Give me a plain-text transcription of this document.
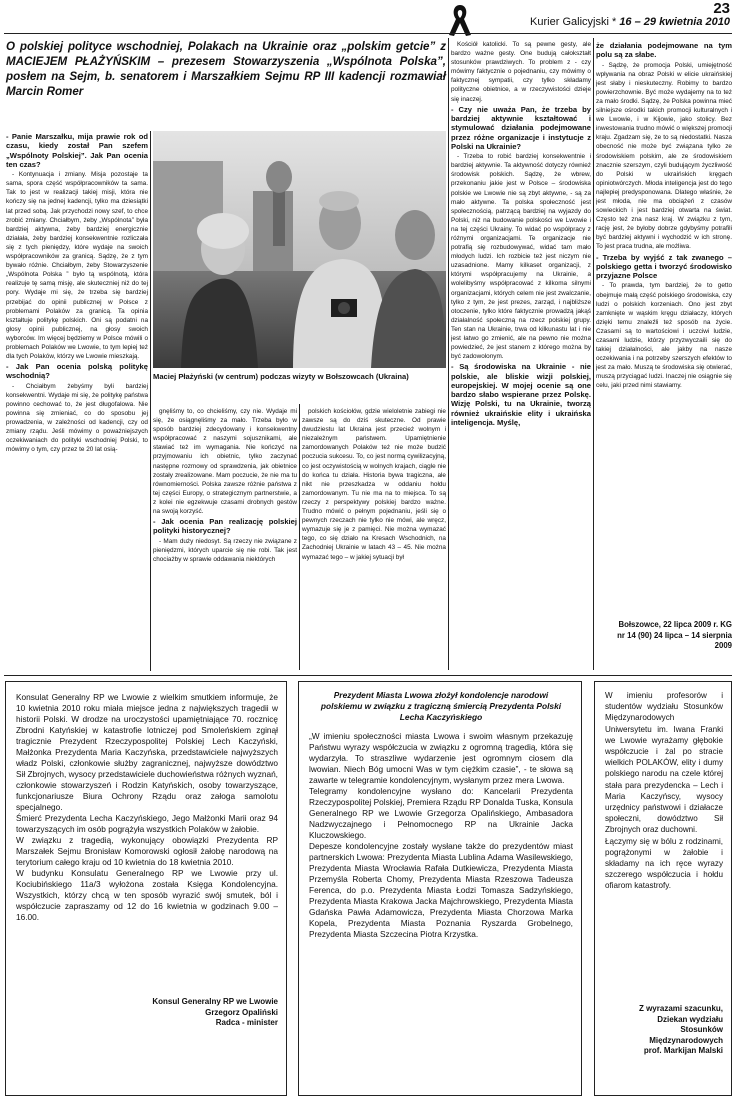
Kurier Galicyjski * 16 – 29 kwietnia 2010
23
O polskiej polityce wschodniej, Polakach na Ukrainie oraz „polskim getcie” z MACIEJEM PŁAŻYŃSKIM – prezesem Stowarzyszenia „Wspólnota Polska”, posłem na Sejm, b. senatorem i Marszałkiem Sejmu RP III kadencji rozmawiał Marcin Romer
Maciej Płażyński (w centrum) podczas wizyty w Bołszowcach (Ukraina)

- Panie Marszałku, mija prawie rok od czasu, kiedy został Pan szefem „Wspólnoty Polskiej”. Jak Pan ocenia ten czas?

- Kontynuacja i zmiany. Misja pozostaje ta sama, spora część współpracowników ta sama. Tak to jest w realizacji takiej misji, która nie kończy się na jednej kadencji, tylko ma dziesiątki lat przed sobą. Jak przychodzi nowy szef, to chce zrobić zmiany. Chciałbym, żeby „Wspólnota” była bardziej aktywna, żeby bardziej energicznie działała, żeby bardziej konsekwentnie rozliczała się z tych pieniędzy, które wydaje na swoich współpracowników za granicą. Sądzę, że z tym bywało różnie. Chciałbym, żeby Stowarzyszenie „Wspólnota Polska ” było tą wspólnotą, która realizuje tę samą misję, ale skuteczniej niż do tej pory. Wydaje mi się, że trzeba się bardziej przebijać do opinii publicznej w Polsce z problemami Polaków za granicą. Ta opinia kształtuje politykę polskich. Oni są podatni na głosy opinii publicznej, na głosy swoich wyborców. Im więcej będziemy w Polsce mówili o problemach Polaków we Lwowie, to tym lepiej też dla tych Polaków, którzy we Lwowie mieszkają.

- Jak Pan ocenia polską politykę wschodnią?

- Chciałbym żebyśmy byli bardziej konsekwentni. Wydaje mi się, że politykę państwa powinno cechować to, że jest długofalowa. Nie powinna się zmieniać, co do sposobu jej prowadzenia, w zależności od kadencji, czy od zmiany rządu. Jeśli mówimy o poważniejszych oczekiwaniach do polityki wschodniej Polski, to mówimy o tym, czy przez te 20 lat osią-

gnęliśmy to, co chcieliśmy, czy nie. Wydaje mi się, że osiągnęliśmy za mało. Trzeba było w sposób bardziej zdecydowany i konsekwentny współpracować z naszymi sojusznikami, ale stawiać też im wymagania. Nie kończyć na przyjmowaniu ich obietnic, tylko zaczynać następne rozmowy od sprawdzenia, jak obietnice zostały zrealizowane. Mam poczucie, że nie ma tu równomierności. Polska zawsze różnie państwa z tej części Europy, o strategicznym partnerstwie, a z kolei nie egzekwuje czasami drobnych gestów na swoją korzyść.

- Jak ocenia Pan realizację polskiej polityki historycznej?

- Mam duży niedosyt. Są rzeczy nie związane z pieniędzmi, których uparcie się nie robi. Tak jest chociażby w sprawie oddawania niektórych

polskich kościołów, gdzie wieloletnie zabiegi nie zawsze są do dziś skuteczne. Od prawie dwudziestu lat Ukraina jest przecież wolnym i niezależnym państwem. Upamiętnienie zamordowanych Polaków też nie może budzić poczucia sukcesu. To, co jest normą cywilizacyjną, co jest oczywistością w wolnych krajach, ciągle nie do końca tu działa. Historia bywa tragiczna, ale nikt nie przeszkadza w oddaniu hołdu zamordowanym. Tu nie ma na to miejsca. To są rzeczy z perspektywy polskiej bardzo ważne. Trudno mówić o pełnym pojednaniu, jeśli się o pewnych rzeczach nie tylko nie mówi, ale wręcz, wymazuje się je z pamięci. Nie można wymazać tego, co się działo na Kresach Wschodnich, na Zachodniej Ukrainie w latach 43 – 45. Nie można wymazać tego – w jakiej sytuacji był

Kościół katolicki. To są pewne gesty, ale bardzo ważne gesty. One budują całokształt stosunków prawdziwych. To problem z - czy mówimy faktycznie o pojednaniu, czy mówimy o faktycznej sympatii, czy tylko składamy polityczne obietnice, a w rzeczywistości dzieje się inaczej.

- Czy nie uważa Pan, że trzeba by bardziej aktywnie kształtować i stymulować działania podejmowane przez różne organizacje i instytucje z Polski na Ukrainie?

- Trzeba to robić bardziej konsekwentnie i bardziej aktywnie. Ta aktywność dotyczy również środowisk polskich. Sądzę, że wbrew, przekonaniu jakie jest w Polsce – środowiska polskie we Lwowie nie są zbyt aktywne, - są za mało aktywne. Ta polska społeczność jest społecznością, patrzącą bardziej na wyjazdy do Polski, niż na budowanie polskości we Lwowie i na tej części Ukrainy. To widać po współpracy z różnymi organizacjami. Te organizacje nie potrafią się rozbudowywać, widać tam mało młodych ludzi. Ich rozbicie też jest niczym nie uzasadnione. Mamy kilkaset organizacji, z którymi współpracujemy na Ukrainie, a wolelibyśmy współpracować z kilkoma silnymi organizacjami, których celem nie jest zwalczanie, tylko z tym, że jest prezes, zarząd, i najbliższe otoczenie, tylko które faktycznie prowadzą jakąś działalność społeczną na rzecz polskiej grupy. Ten stan na Ukrainie, trwa od kilkunastu lat i nie jest łatwo go zmienić, ale na pewno nie można powiedzieć, że jest stanem z którego można by być zadowolonym.

- Są środowiska na Ukrainie - nie polskie, ale bliskie wizji polskiej, europejskiej. W mojej ocenie są one bardzo słabo wspierane przez Polskę. Wizję Polski, tu na Ukrainie, tworzą również ukraińskie elity i ukraińska inteligencja. Myślę,

że działania podejmowane na tym polu są za słabe.

- Sądzę, że promocja Polski, umiejętność wpływania na obraz Polski w elicie ukraińskiej jest słaby i nieskuteczny. Robimy to bardzo powierzchownie. Być może wydajemy na to też za mało środki. Sądzę, że Polska powinna mieć silniejsze ośrodki takich promocji kulturalnych i we Lwowie, i w Kijowie, jako stolicy. Bez inwestowania trudno mówić o większej promocji kraju. Zgadzam się, że to są niedostatki. Nasza obecność nie może być związana tylko ze środowiskiem polskim, ale ze środowiskiem znacznie szerszym, czyli budującym życzliwość do Polski w ukraińskich kręgach opiniotwórczych. Młoda inteligencja jest do tego najlepiej predysponowana. Dlatego właśnie, że jest młoda, nie ma obciążeń z czasów sowieckich i jest bardziej otwarta na świat. Często też zna nasz kraj. W związku z tym, rację jest, że byłoby dobrze gdybyśmy potrafili być bardziej aktywni i wychodzić w ich stronę. To jest praca trudna, ale możliwa.

- Trzeba by wyjść z tak zwanego – polskiego getta i tworzyć środowisko przyjazne Polsce

- To prawda, tym bardziej, że to getto obejmuje małą część polskiego środowiska, czy ludzi o polskich korzeniach. Ono jest zbyt zamknięte w wąskim kręgu działaczy, których dzięki temu znaleźli też sposób na życie. Czasami są to wartościowi i uczciwi ludzie, czasami ludzie, którzy przyzwyczaili się do takiej działalności, ale jakby na nasze oczekiwania i na potrzeby szerszych efektów to jest za mało. Muszą te środowiska się otwierać, muszą przyciągać ludzi. Inaczej nie osiągnie się celu, jaki przed nimi stawiamy.

Bołszowce, 22 lipca 2009 r. KG nr 14 (90) 24 lipca – 14 sierpnia 2009

Konsulat Generalny RP we Lwowie z wielkim smutkiem informuje, że 10 kwietnia 2010 roku miała miejsce jedna z największych tragedii w historii Polski. W drodze na uroczystości upamiętniające 70. rocznicę Zbrodni Katyńskiej w katastrofie lotniczej pod Smoleńskiem zginął tragicznie Prezydent Rzeczypospolitej Polskiej Lech Kaczyński, Małżonka Prezydenta Maria Kaczyńska, przedstawiciele najwyższych władz Polski, członkowie służby zagranicznej, najwyższe dowództwo Sił Zbrojnych, wysocy przedstawiciele duchowieństwa różnych wyznań, członkowie stowarzyszeń i Rodzin Katyńskich, osoby towarzyszące, funkcjonariusze Biura Ochrony Rządu oraz załoga samolotu specjalnego.

Śmierć Prezydenta Lecha Kaczyńskiego, Jego Małżonki Marii oraz 94 towarzyszących im osób pogrążyła wszystkich Polaków w żałobie.

W związku z tragedią, wykonujący obowiązki Prezydenta RP Marszałek Sejmu Bronisław Komorowski ogłosił żałobę narodową na terytorium całego kraju od 10 kwietnia do 18 kwietnia 2010.

W budynku Konsulatu Generalnego RP we Lwowie przy ul. Kociubińskiego 11a/3 wyłożona została Księga Kondolencyjna. Wszystkich, którzy chcą w ten sposób wyrazić swój smutek, ból i współczucie zapraszamy od 12 do 16 kwietnia w godzinach 9.00 – 16.00.

Konsul Generalny RP we Lwowie

Grzegorz Opaliński

Radca - minister

Prezydent Miasta Lwowa złożył kondolencje narodowi polskiemu w związku z tragiczną śmiercią Prezydenta Polski Lecha Kaczyńskiego

„W imieniu społeczności miasta Lwowa i swoim własnym przekazuję Państwu wyrazy współczucia w związku z ogromną tragedią, która się wydarzyła. To straszliwe wydarzenie jest ogromnym ciosem dla lwowian. Niech Bóg umocni Was w tym ciężkim czasie”, - te słowa są zawarte w telegramie kondolencyjnym, wysłanym przez mera Lwowa.

Telegramy kondolencyjne wysłano do: Kancelarii Prezydenta Rzeczypospolitej Polskiej, Premiera Rządu RP Donalda Tuska, Konsula Generalnego RP we Lwowie Grzegorza Opalińskiego, Ambasadora Nadzwyczajnego i Pełnomocnego RP na Ukrainie Jacka Kluczowskiego.

Depesze kondolencyjne zostały wysłane także do prezydentów miast partnerskich Lwowa: Prezydenta Miasta Lublina Adama Wasilewskiego, Prezydenta Miasta Wrocławia Rafała Dutkiewicza, Prezydenta Miasta Przemyśla Roberta Chomy, Prezydenta Miasta Rzeszowa Tadeusza Ferenca, do p.o. Prezydenta Miasta Łodzi Tomasza Sadzyńskiego, Prezydenta Miasta Krakowa Jacka Majchrowskiego, Prezydenta Miasta Gdańska Pawła Adamowicza, Prezydenta Miasta Chorzowa Marka Kopela, Prezydenta Miasta Poznania Ryszarda Grobelnego, Prezydenta Miasta Szczecina Piotra Krzystka.

W imieniu profesorów i studentów wydziału Stosunków Międzynarodowych Uniwersytetu im. Iwana Franki we Lwowie wyrażamy głębokie współczucie i żal po stracie wielkich POLAKÓW, elity i dumy polskiego narodu na czele której stała para prezydencka – Lech i Maria Kaczyńscy, wysocy urzędnicy państwowi i działacze społeczni, dowództwo Sił Zbrojnych oraz duchowni.

Łączymy się w bólu z rodzinami, pogrążonymi w żałobie i składamy na ich ręce wyrazy szczerego współczucia i hołdu ofiarom katastrofy.

Z wyrazami szacunku,

Dziekan wydziału

Stosunków

Międzynarodowych

prof. Markijan Malski
